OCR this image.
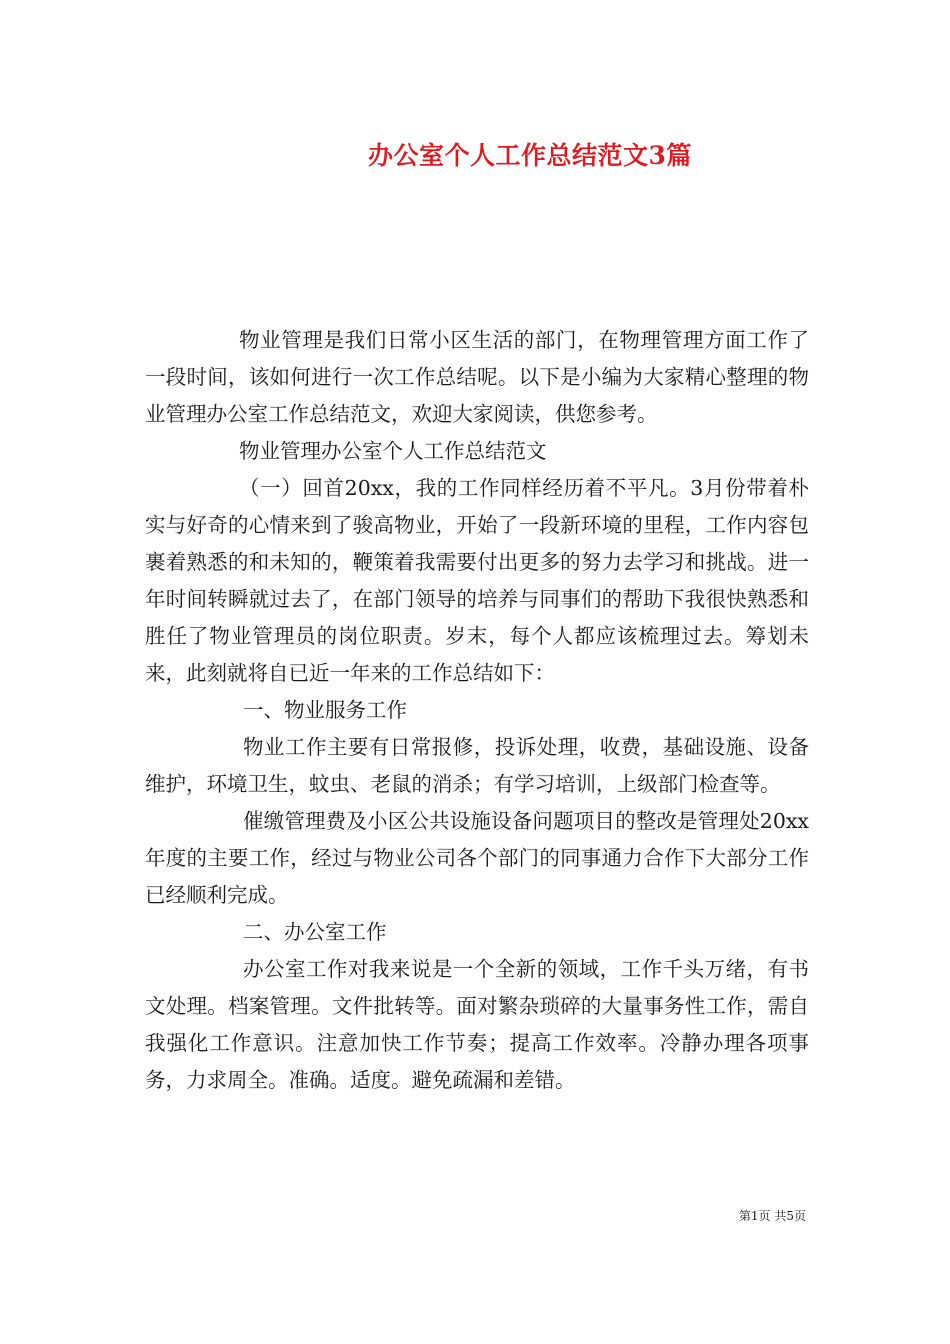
办公室个人工作总结范文3篇

物业管理是我们日常小区生活的部门，在物理管理方面工作了一段时间，该如何进行一次工作总结呢。以下是小编为大家精心整理的物业管理办公室工作总结范文，欢迎大家阅读，供您参考。

物业管理办公室个人工作总结范文

（一）回首20xx，我的工作同样经历着不平凡。3月份带着朴实与好奇的心情来到了骏高物业，开始了一段新环境的里程，工作内容包裹着熟悉的和未知的，鞭策着我需要付出更多的努力去学习和挑战。进一年时间转瞬就过去了，在部门领导的培养与同事们的帮助下我很快熟悉和胜任了物业管理员的岗位职责。岁末，每个人都应该梳理过去。筹划未来，此刻就将自已近一年来的工作总结如下：

一、物业服务工作

物业工作主要有日常报修，投诉处理，收费，基础设施、设备维护，环境卫生，蚊虫、老鼠的消杀；有学习培训，上级部门检查等。

催缴管理费及小区公共设施设备问题项目的整改是管理处20xx年度的主要工作，经过与物业公司各个部门的同事通力合作下大部分工作已经顺利完成。

二、办公室工作

办公室工作对我来说是一个全新的领域，工作千头万绪，有书文处理。档案管理。文件批转等。面对繁杂琐碎的大量事务性工作，需自我强化工作意识。注意加快工作节奏；提高工作效率。冷静办理各项事务，力求周全。准确。适度。避免疏漏和差错。

第1页 共5页
